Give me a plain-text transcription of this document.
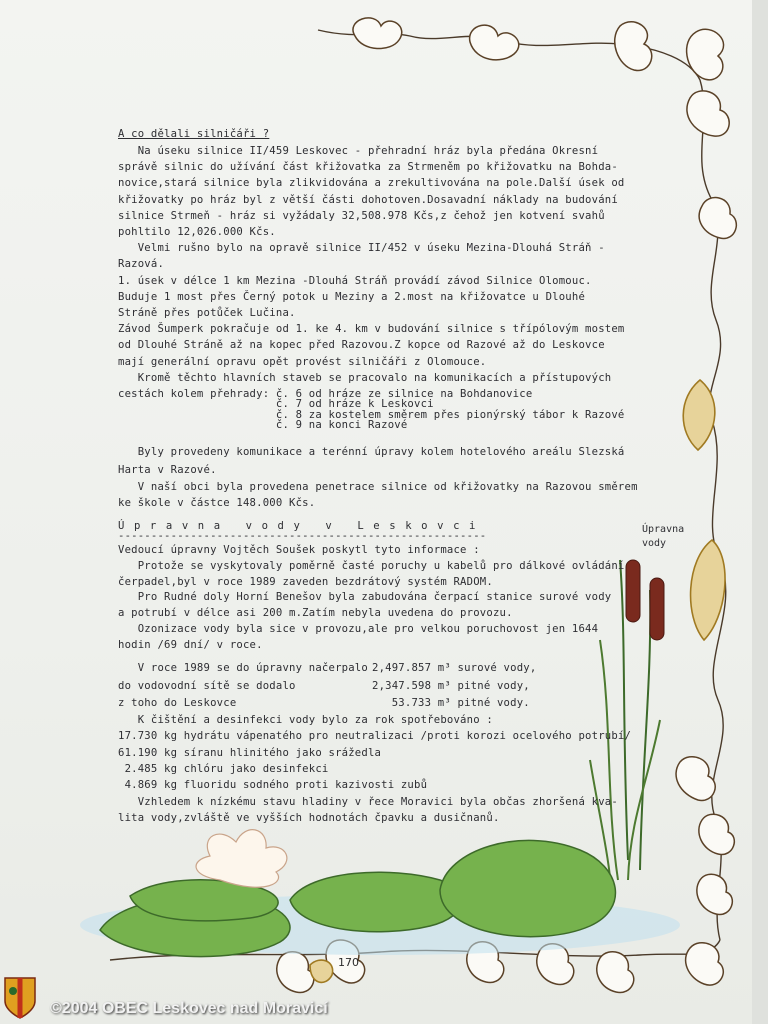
A co dělali silničáři ?
Na úseku silnice II/459 Leskovec - přehradní hráz byla předána Okresní
správě silnic do užívání část křižovatka za Strmeněm po křižovatku na Bohda-
novice,stará silnice byla zlikvidována a zrekultivována na pole.Další úsek od
křižovatky po hráz byl z větší části dohotoven.Dosavadní náklady na budování
silnice Strmeň - hráz si vyžádaly 32,508.978 Kčs,z čehož jen kotvení svahů
pohltilo 12,026.000 Kčs.
Velmi rušno bylo na opravě silnice II/452 v úseku Mezina-Dlouhá Stráň -
Razová.
1. úsek v délce 1 km Mezina -Dlouhá Stráň provádí závod Silnice Olomouc.
Buduje 1 most přes Černý potok u Meziny a 2.most na křižovatce u Dlouhé
Stráně přes potůček Lučina.
Závod Šumperk pokračuje od 1. ke 4. km v budování silnice s třípólovým mostem
od Dlouhé Stráně až na kopec před Razovou.Z kopce od Razové až do Leskovce
mají generální opravu opět provést silničáři z Olomouce.
Kromě těchto hlavních staveb se pracovalo na komunikacích a přístupových
cestách kolem přehrady: č. 6 od hráze ze silnice na Bohdanovice
č. 7 od hráze k Leskovci
č. 8 za kostelem směrem přes pionýrský tábor k Razové
č. 9 na konci Razové
Byly provedeny komunikace a terénní úpravy kolem hotelového areálu Slezská
Harta v Razové.
V naší obci byla provedena penetrace silnice od křižovatky na Razovou směrem
ke škole v částce 148.000 Kčs.
Ú p r a v n a   v o d y   v   L e s k o v c i
--------------------------------------------------------
Vedoucí úpravny Vojtěch Soušek poskytl tyto informace :
Protože se vyskytovaly poměrně časté poruchy u kabelů pro dálkové ovládání
čerpadel,byl v roce 1989 zaveden bezdrátový systém RADOM.
Pro Rudné doly Horní Benešov byla zabudována čerpací stanice surové vody
a potrubí v délce asi 200 m.Zatím nebyla uvedena do provozu.
Ozonizace vody byla sice v provozu,ale pro velkou poruchovost jen 1644
hodin /69 dní/ v roce.
V roce 1989 se do úpravny načerpalo 2,497.857 m³ surové vody,
do vodovodní sítě se dodalo	2,347.598 m³ pitné vody,
z toho do Leskovce	53.733 m³ pitné vody.
K čištění a desinfekci vody bylo za rok spotřebováno :
17.730 kg hydrátu vápenatého pro neutralizaci /proti korozi ocelového potrubí/
61.190 kg síranu hlinitého jako srážedla
2.485 kg chlóru jako desinfekci
4.869 kg fluoridu sodného proti kazivosti zubů
Vzhledem k nízkému stavu hladiny v řece Moravici byla občas zhoršená kva-
lita vody,zvláště ve vyšších hodnotách čpavku a dusičnanů.
Úpravna
vody
170
©2004 OBEC Leskovec nad Moravicí
